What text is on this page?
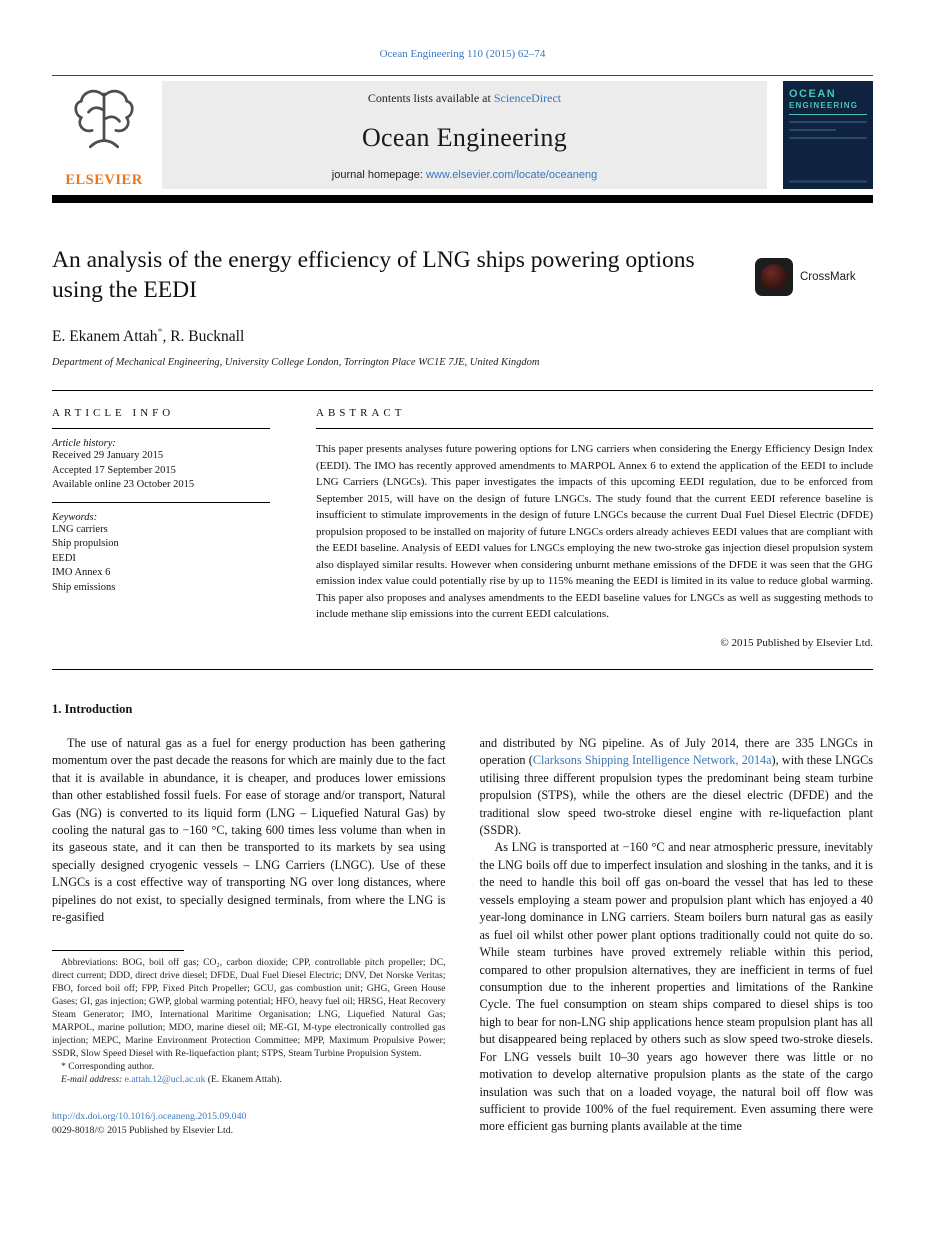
Ocean Engineering 110 (2015) 62–74
ELSEVIER
Contents lists available at ScienceDirect
Ocean Engineering
journal homepage: www.elsevier.com/locate/oceaneng
OCEAN
ENGINEERING
An analysis of the energy efficiency of LNG ships powering options using the EEDI	CrossMark
E. Ekanem Attah*, R. Bucknall
Department of Mechanical Engineering, University College London, Torrington Place WC1E 7JE, United Kingdom
ARTICLE INFO
Article history:
Received 29 January 2015
Accepted 17 September 2015
Available online 23 October 2015
Keywords:
LNG carriers
Ship propulsion
EEDI
IMO Annex 6
Ship emissions
ABSTRACT

This paper presents analyses future powering options for LNG carriers when considering the Energy Efficiency Design Index (EEDI). The IMO has recently approved amendments to MARPOL Annex 6 to extend the application of the EEDI to include LNG Carriers (LNGCs). This paper investigates the impacts of this upcoming EEDI regulation, due to be enforced from September 2015, will have on the design of future LNGCs. The study found that the current EEDI reference baseline is insufficient to stimulate improvements in the design of future LNGCs because the current Dual Fuel Diesel Electric (DFDE) propulsion proposed to be installed on majority of future LNGCs orders already achieves EEDI values that are compliant with the EEDI baseline. Analysis of EEDI values for LNGCs employing the new two-stroke gas injection diesel propulsion system also displayed similar results. However when considering unburnt methane emissions of the DFDE it was seen that the GHG emission index value could potentially rise by up to 115% meaning the EEDI is limited in its value to reduce global warming. This paper also proposes and analyses amendments to the EEDI baseline values for LNGCs as well as suggesting methods to include methane slip emissions into the current EEDI calculations.

© 2015 Published by Elsevier Ltd.
1. Introduction

The use of natural gas as a fuel for energy production has been gathering momentum over the past decade the reasons for which are mainly due to the fact that it is available in abundance, it is cheaper, and produces lower emissions than other established fossil fuels. For ease of storage and/or transport, Natural Gas (NG) is converted to its liquid form (LNG – Liquefied Natural Gas) by cooling the natural gas to −160 °C, taking 600 times less volume than when in its gaseous state, and it can then be transported to its markets by sea using specially designed cryogenic vessels – LNG Carriers (LNGC). Use of these LNGCs is a cost effective way of transporting NG over long distances, where pipelines do not exist, to specially designed terminals, from where the LNG is re-gasified

Abbreviations: BOG, boil off gas; CO₂, carbon dioxide; CPP, controllable pitch propeller; DC, direct current; DDD, direct drive diesel; DFDE, Dual Fuel Diesel Electric; DNV, Det Norske Veritas; FBO, forced boil off; FPP, Fixed Pitch Propeller; GCU, gas combustion unit; GHG, Green House Gases; GI, gas injection; GWP, global warming potential; HFO, heavy fuel oil; HRSG, Heat Recovery Steam Generator; IMO, International Maritime Organisation; LNG, Liquefied Natural Gas; MARPOL, marine pollution; MDO, marine diesel oil; ME-GI, M-type electronically controlled gas injection; MEPC, Marine Environment Protection Committee; MPP, Maximum Propulsive Power; SSDR, Slow Speed Diesel with Re-liquefaction plant; STPS, Steam Turbine Propulsion System.

* Corresponding author.
E-mail address: e.attah.12@ucl.ac.uk (E. Ekanem Attah).
http://dx.doi.org/10.1016/j.oceaneng.2015.09.040
0029-8018/© 2015 Published by Elsevier Ltd.

and distributed by NG pipeline. As of July 2014, there are 335 LNGCs in operation (Clarksons Shipping Intelligence Network, 2014a), with these LNGCs utilising three different propulsion types the predominant being steam turbine propulsion (STPS), while the others are the diesel electric (DFDE) and the traditional slow speed two-stroke diesel engine with re-liquefaction plant (SSDR).

As LNG is transported at −160 °C and near atmospheric pressure, inevitably the LNG boils off due to imperfect insulation and sloshing in the tanks, and it is the need to handle this boil off gas on-board the vessel that has led to these vessels employing a steam power and propulsion plant which has enjoyed a 40 year-long dominance in LNG carriers. Steam boilers burn natural gas as easily as fuel oil whilst other power plant options traditionally could not quite do so. While steam turbines have proved extremely reliable within this period, compared to other propulsion alternatives, they are inefficient in terms of fuel consumption due to the inherent properties and limitations of the Rankine Cycle. The fuel consumption on steam ships compared to diesel ships is too high to bear for non-LNG ship applications hence steam propulsion plant has all but disappeared being replaced by others such as slow speed two-stroke diesels. For LNG vessels built 10–30 years ago however there was little or no motivation to develop alternative propulsion plants as the state of the cargo insulation was such that on a loaded voyage, the natural boil off flow was sufficient to provide 100% of the fuel requirement. Even assuming there were more efficient gas burning plants available at the time
